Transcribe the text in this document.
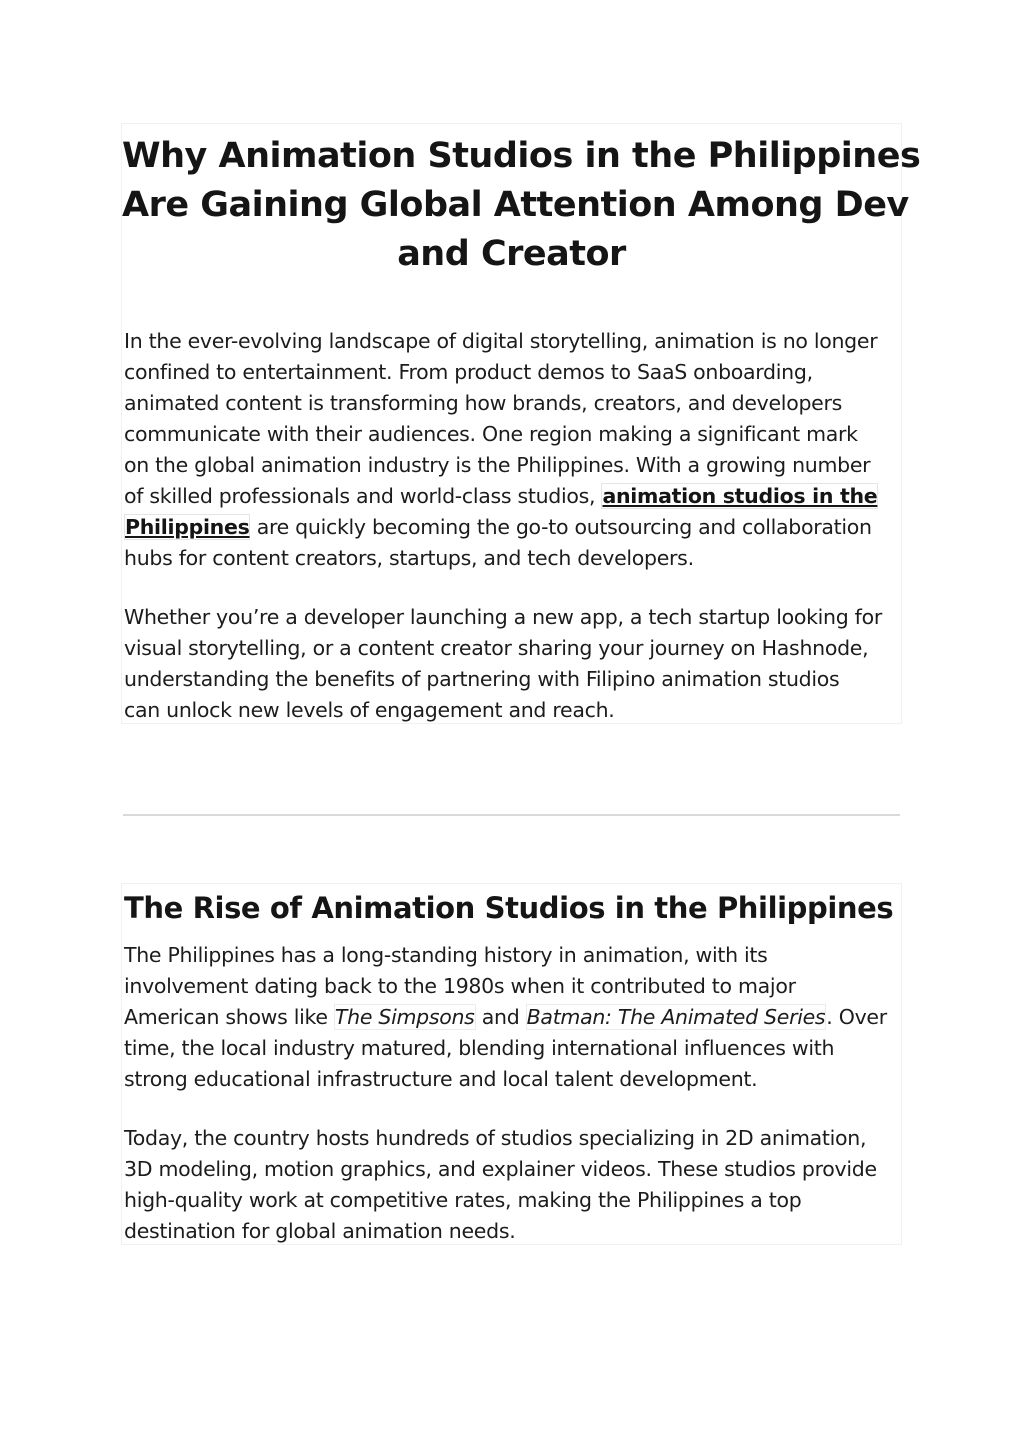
Why Animation Studios in the Philippines
Are Gaining Global Attention Among Dev
and Creator

In the ever-evolving landscape of digital storytelling, animation is no longer
confined to entertainment. From product demos to SaaS onboarding,
animated content is transforming how brands, creators, and developers
communicate with their audiences. One region making a significant mark
on the global animation industry is the Philippines. With a growing number
of skilled professionals and world-class studios, animation studios in the
Philippines are quickly becoming the go-to outsourcing and collaboration
hubs for content creators, startups, and tech developers.

Whether you’re a developer launching a new app, a tech startup looking for
visual storytelling, or a content creator sharing your journey on Hashnode,
understanding the benefits of partnering with Filipino animation studios
can unlock new levels of engagement and reach.

The Rise of Animation Studios in the Philippines

The Philippines has a long-standing history in animation, with its
involvement dating back to the 1980s when it contributed to major
American shows like The Simpsons and Batman: The Animated Series. Over
time, the local industry matured, blending international influences with
strong educational infrastructure and local talent development.

Today, the country hosts hundreds of studios specializing in 2D animation,
3D modeling, motion graphics, and explainer videos. These studios provide
high-quality work at competitive rates, making the Philippines a top
destination for global animation needs.
